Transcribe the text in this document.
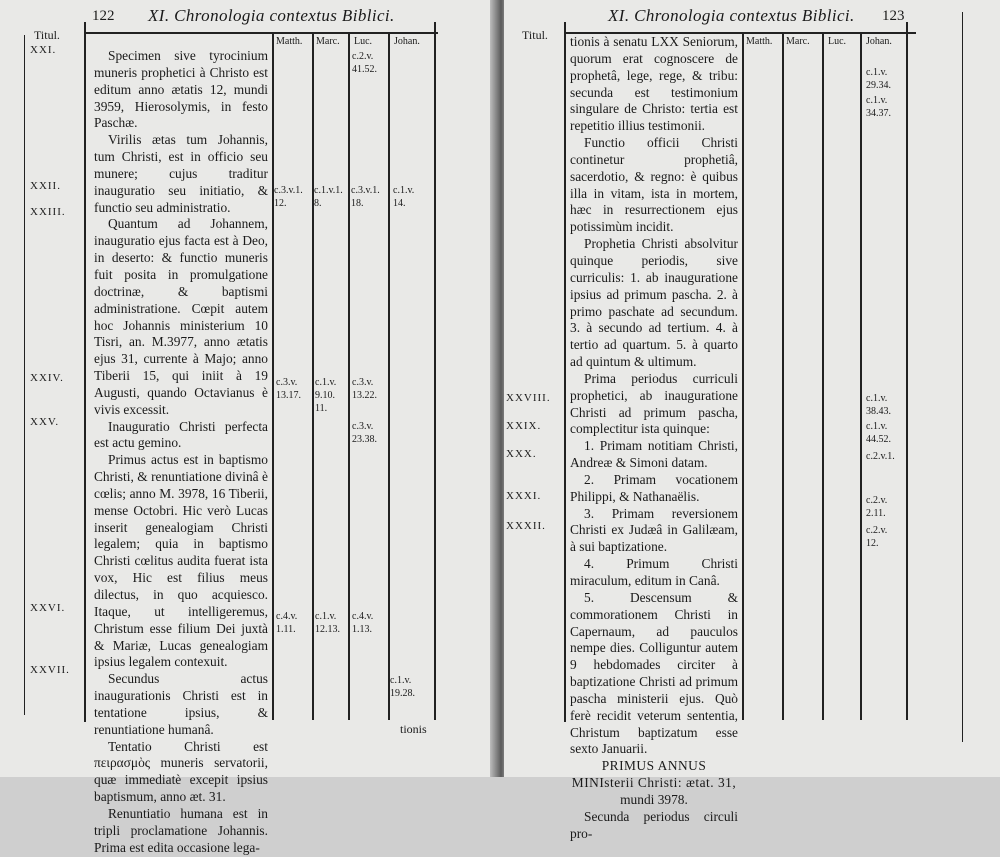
122 XI. Chronologia contextus Biblici.
Titul.	Matth. Marc. Luc. Johan.

Specimen sive tyrocinium muneris prophetici à Christo est editum anno ætatis 12, mundi 3959, Hierosolymis, in festo Paschæ.

Virilis ætas tum Johannis, tum Christi, est in officio seu munere; cujus traditur inauguratio seu initiatio, & functio seu administratio.

Quantum ad Johannem, inauguratio ejus facta est à Deo, in deserto: & functio muneris fuit posita in promulgatione doctrinæ, & baptismi administratione. Cœpit autem hoc Johannis ministerium 10 Tisri, an. M.3977, anno ætatis ejus 31, currente à Majo; anno Tiberii 15, qui iniit à 19 Augusti, quando Octavianus è vivis excessit.

Inauguratio Christi perfecta est actu gemino.

Primus actus est in baptismo Christi, & renuntiatione divinâ è cœlis; anno M. 3978, 16 Tiberii, mense Octobri. Hic verò Lucas inserit genealogiam Christi legalem; quia in baptismo Christi cœlitus audita fuerat ista vox, Hic est filius meus dilectus, in quo acquiesco. Itaque, ut intelligeremus, Christum esse filium Dei juxtà & Mariæ, Lucas genealogiam ipsius legalem contexuit.

Secundus actus inaugurationis Christi est in tentatione ipsius, & renuntiatione humanâ.

Tentatio Christi est πειρασμὸς muneris servatorii, quæ immediatè excepit ipsius baptismum, anno æt. 31.

Renuntiatio humana est in tripli proclamatione Johannis. Prima est edita occasione lega-

XXI.
XXII.
XXIII.
XXIV.
XXV.
XXVI.
XXVII.
c.2.v.
41.52.
c.3.v.1.
12.
c.1.v.1.
8.
c.3.v.1.
18.
c.1.v.
14.
c.3.v.
13.17.
c.1.v.
9.10.
11.
c.3.v.
13.22.
c.3.v.
23.38.
c.4.v.
1.11.
c.1.v.
12.13.
c.4.v.
1.13.
c.1.v.
19.28.
tionis
Titul.
XI. Chronologia contextus Biblici. 123
Matth. Marc. Luc. Johan.

tionis à senatu LXX Seniorum, quorum erat cognoscere de prophetâ, lege, rege, & tribu: secunda est testimonium singulare de Christo: tertia est repetitio illius testimonii.

Functio officii Christi continetur prophetiâ, sacerdotio, & regno: è quibus illa in vitam, ista in mortem, hæc in resurrectionem ejus potissimùm incidit.

Prophetia Christi absolvitur quinque periodis, sive curriculis: 1. ab inauguratione ipsius ad primum pascha. 2. à primo paschate ad secundum. 3. à secundo ad tertium. 4. à tertio ad quartum. 5. à quarto ad quintum & ultimum.

Prima periodus curriculi prophetici, ab inauguratione Christi ad primum pascha, complectitur ista quinque:

1. Primam notitiam Christi, Andreæ & Simoni datam.

2. Primam vocationem Philippi, & Nathanaëlis.

3. Primam reversionem Christi ex Judæâ in Galilæam, à sui baptizatione.

4. Primum Christi miraculum, editum in Canâ.

5. Descensum & commorationem Christi in Capernaum, ad pauculos nempe dies. Colliguntur autem 9 hebdomades circiter à baptizatione Christi ad primum pascha ministerii ejus. Quò ferè recidit veterum sententia, Christum baptizatum esse sexto Januarii.

PRIMUS ANNUS MINIsterii Christi: ætat. 31,

mundi 3978.

Secunda periodus circuli pro-

XXVIII.
XXIX.
XXX.
XXXI.
XXXII.
c.1.v.
29.34.
c.1.v.
34.37.
c.1.v.
38.43.
c.1.v.
44.52.
c.2.v.1.
c.2.v.
2.11.
c.2.v.
12.
